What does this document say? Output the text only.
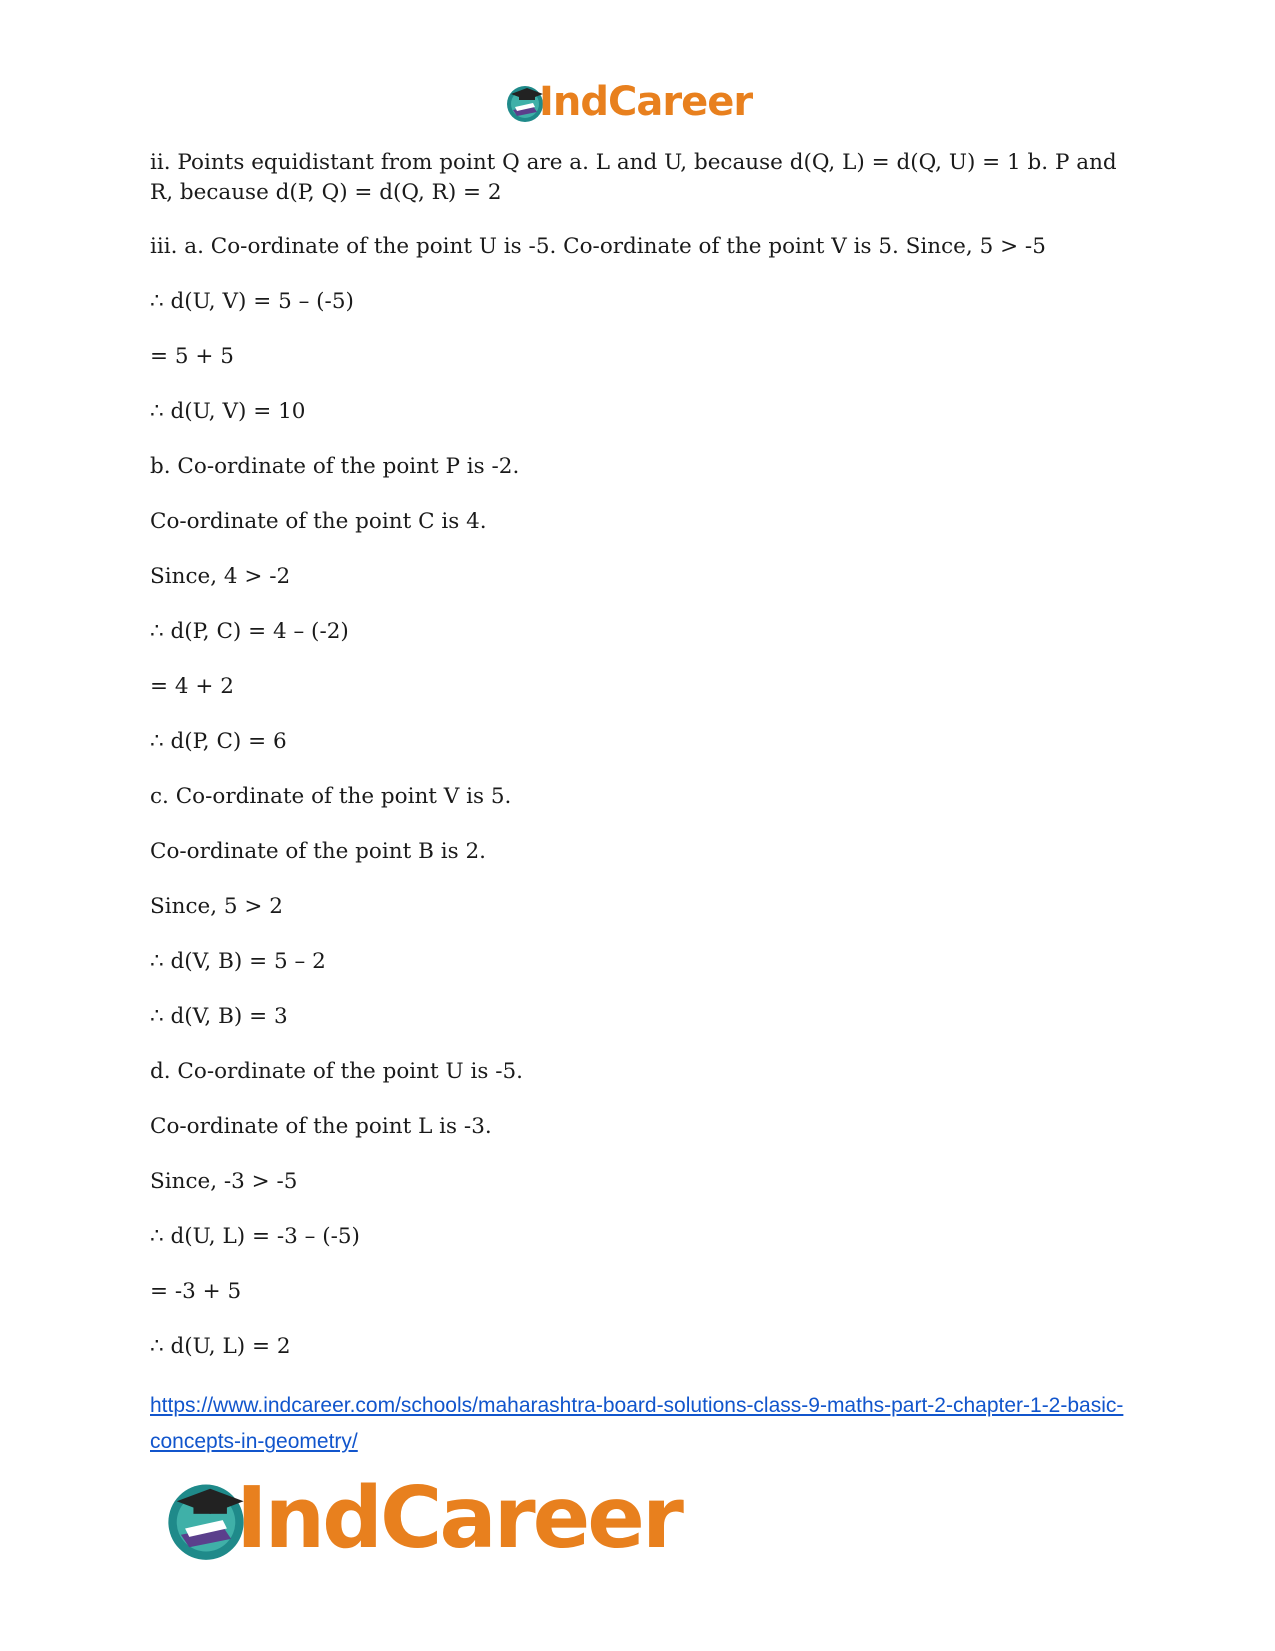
IndCareer

ii. Points equidistant from point Q are a. L and U, because d(Q, L) = d(Q, U) = 1 b. P and R, because d(P, Q) = d(Q, R) = 2

iii. a. Co-ordinate of the point U is -5. Co-ordinate of the point V is 5. Since, 5 > -5
∴ d(U, V) = 5 – (-5)
= 5 + 5
∴ d(U, V) = 10
b. Co-ordinate of the point P is -2.
Co-ordinate of the point C is 4.
Since, 4 > -2
∴ d(P, C) = 4 – (-2)
= 4 + 2
∴ d(P, C) = 6
c. Co-ordinate of the point V is 5.
Co-ordinate of the point B is 2.
Since, 5 > 2
∴ d(V, B) = 5 – 2
∴ d(V, B) = 3
d. Co-ordinate of the point U is -5.
Co-ordinate of the point L is -3.
Since, -3 > -5
∴ d(U, L) = -3 – (-5)
= -3 + 5
∴ d(U, L) = 2
https://www.indcareer.com/schools/maharashtra-board-solutions-class-9-maths-part-2-chapter-1-2-basic-concepts-in-geometry/
IndCareer
